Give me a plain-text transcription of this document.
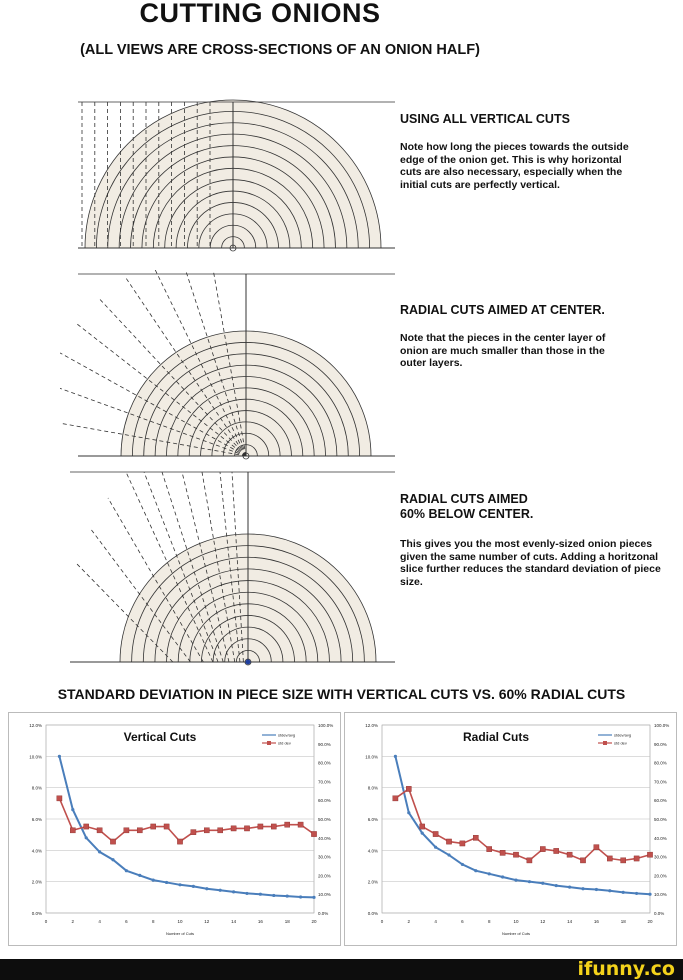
CUTTING ONIONS
(ALL VIEWS ARE CROSS-SECTIONS OF AN ONION HALF)
USING ALL VERTICAL CUTS
Note how long the pieces towards the outside edge of the onion get. This is why horizontal cuts are also necessary, especially when the initial cuts are perfectly vertical.
RADIAL CUTS AIMED AT CENTER.
Note that the pieces in the center layer of onion are much smaller than those in the outer layers.
RADIAL CUTS AIMED 60% BELOW CENTER.
This gives you the most evenly-sized onion pieces given the same number of cuts. Adding a horitzonal slice further reduces the standard deviation of piece size.
STANDARD DEVIATION IN PIECE SIZE WITH VERTICAL CUTS VS. 60% RADIAL CUTS
0.0%
2.0%
4.0%
6.0%
8.0%
10.0%
12.0%
0.0%
10.0%
20.0%
30.0%
40.0%
50.0%
60.0%
70.0%
80.0%
90.0%
100.0%
0	2	4	6	8	10	12	14	16	18	20
Number of Cuts
Vertical Cuts	stdev/avg
std dev
0.0%
2.0%
4.0%
6.0%
8.0%
10.0%
12.0%
0.0%
10.0%
20.0%
30.0%
40.0%
50.0%
60.0%
70.0%
80.0%
90.0%
100.0%
0	2	4	6	8	10	12	14	16	18	20
Number of Cuts
Radial Cuts	stdev/avg
std dev
ifunny.co
